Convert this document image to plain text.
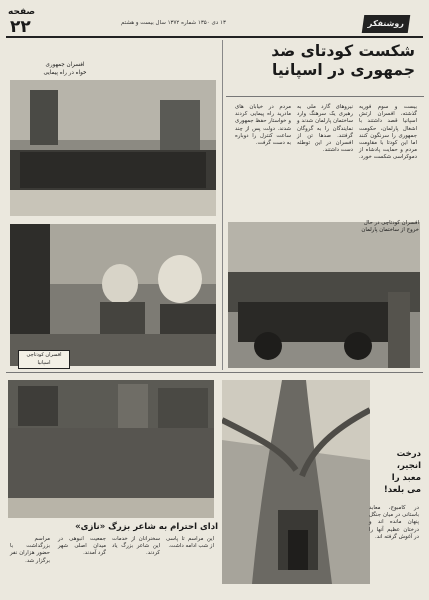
صفحه
۲۲	۱۳ دی ۱۳۵۰ شماره ۱۳۷۲ سال بیست و هشتم	روشنفکر
شکست کودتای ضد
جمهوری در اسپانیا
افسران جمهوری خواه در راه پیمایی
افسران کودتاچی اسپانیا
بیست و سوم فوریه گذشته، افسران ارتش اسپانیا قصد داشتند با اشغال پارلمان، حکومت جمهوری را سرنگون کنند اما این کودتا با مقاومت مردم و حمایت پادشاه از دموکراسی شکست خورد.
نیروهای گارد ملی به رهبری یک سرهنگ وارد ساختمان پارلمان شدند و نمایندگان را به گروگان گرفتند. صدها تن از افسران در این توطئه دست داشتند.
مردم در خیابان های مادرید راه پیمایی کردند و خواستار حفظ جمهوری شدند. دولت پس از چند ساعت کنترل را دوباره به دست گرفت.
افسران کودتاچی در حال خروج از ساختمان پارلمان
ادای احترام به شاعر بزرگ «نازی»
مراسم بزرگداشت با حضور هزاران نفر برگزار شد.
جمعیت انبوهی در میدان اصلی شهر گرد آمدند.
سخنرانان از خدمات این شاعر بزرگ یاد کردند.
این مراسم تا پاسی از شب ادامه داشت.
درخت انجیر،
معبد را می بلعد!
در کامبوج، معابد باستانی در میان جنگل پنهان مانده اند و درختان عظیم آنها را در آغوش گرفته اند.
